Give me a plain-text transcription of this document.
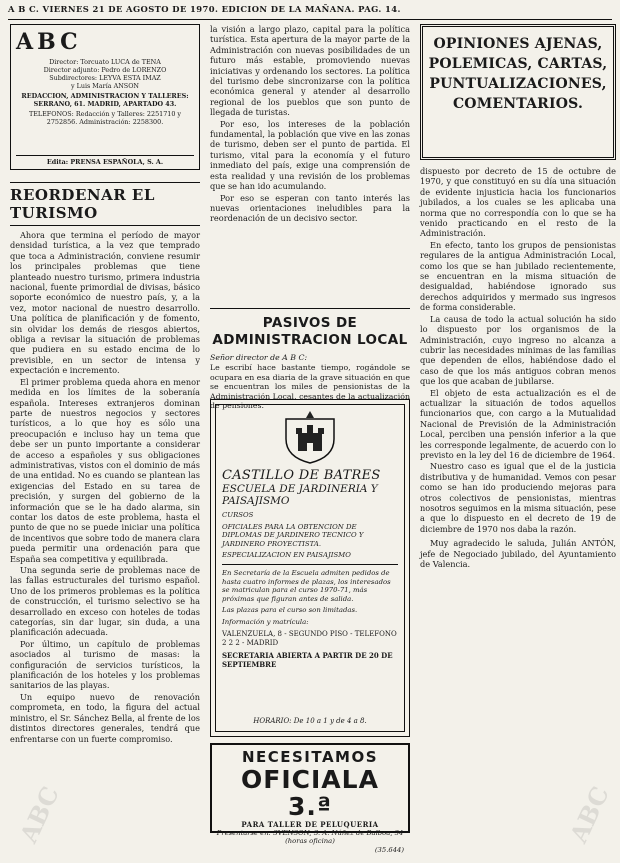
A B C. VIERNES 21 DE AGOSTO DE 1970. EDICION DE LA MAÑANA. PAG. 14.
ABC
Director: Torcuato LUCA de TENA
Director adjunto: Pedro de LORENZO
Subdirectores: LEYVA ESTA IMAZ
y Luis María ANSON
REDACCION, ADMINISTRACION Y TALLERES: SERRANO, 61. MADRID, APARTADO 43.
TELEFONOS: Redacción y Talleres: 2251710 y 2752856. Administración: 2258300.
Edita: PRENSA ESPAÑOLA, S. A.
REORDENAR EL TURISMO

Ahora que termina el período de mayor densidad turística, a la vez que temprado que toca a Administración, conviene resumir los principales problemas que tiene planteado nuestro turismo, primera industria nacional, fuente primordial de divisas, básico soporte económico de nuestro país, y, a la vez, motor nacional de nuestro desarrollo. Una política de planificación y de fomento, sin olvidar los demás de riesgos abiertos, obliga a revisar la situación de problemas que pudiera en su estado encima de lo previsible, en un sector de intensa y expectación e incremento.

El primer problema queda ahora en menor medida en los límites de la soberanía española. Intereses extranjeros dominan parte de nuestros negocios y sectores turísticos, a lo que hoy es sólo una preocupación e incluso hay un tema que debe ser un punto importante a considerar de acceso a españoles y sus obligaciones administrativas, vistos con el dominio de más de una entidad. No es cuando se plantean las exigencias del Estado en su tarea de precisión, y surgen del gobierno de la información que se le ha dado alarma, sin contar los datos de este problema, hasta el punto de que no se puede iniciar una política de incentivos que sobre todo de manera clara pueda permitir una ordenación para que España sea competitiva y equilibrada.

Una segunda serie de problemas nace de las fallas estructurales del turismo español. Uno de los primeros problemas es la política de construcción, el turismo selectivo se ha desarrollado en exceso con hoteles de todas categorías, sin dar lugar, sin duda, a una planificación adecuada.

Por último, un capítulo de problemas asociados al turismo de masas: la configuración de servicios turísticos, la planificación de los hoteles y los problemas sanitarios de las playas.

Un equipo nuevo de renovación comprometa, en todo, la figura del actual ministro, el Sr. Sánchez Bella, al frente de los distintos directores generales, tendrá que enfrentarse con un fuerte compromiso.

la visión a largo plazo, capital para la política turística. Esta apertura de la mayor parte de la Administración con nuevas posibilidades de un futuro más estable, promoviendo nuevas iniciativas y ordenando los sectores. La política del turismo debe sincronizarse con la política económica general y atender al desarrollo regional de los pueblos que son punto de llegada de turistas.

Por eso, los intereses de la población fundamental, la población que vive en las zonas de turismo, deben ser el punto de partida. El turismo, vital para la economía y el futuro inmediato del país, exige una comprensión de esta realidad y una revisión de los problemas que se han ido acumulando.

Por eso se esperan con tanto interés las nuevas orientaciones ineludibles para la reordenación de un decisivo sector.

PASIVOS DE ADMINISTRACION LOCAL
Señor director de A B C:
Le escribí hace bastante tiempo, rogándole se ocupara en esa diaria de la grave situación en que se encuentran los miles de pensionistas de la Administración Local, cesantes de la actualización de pensiones.
CASTILLO DE BATRES
ESCUELA DE JARDINERIA Y PAISAJISMO
CURSOS
OFICIALES PARA LA OBTENCION DE DIPLOMAS DE JARDINERO TECNICO Y JARDINERO PROYECTISTA.
ESPECIALIZACION EN PAISAJISMO
En Secretaría de la Escuela admiten pedidos de hasta cuatro informes de plazas, los interesados se matriculan para el curso 1970-71, más próximas que figuran antes de salida.
Las plazas para el curso son limitadas.
Información y matrícula:
VALENZUELA, 8 - SEGUNDO PISO - TELEFONO 2 2 2 - MADRID
SECRETARIA ABIERTA A PARTIR DE 20 DE SEPTIEMBRE
HORARIO: De 10 a 1 y de 4 a 8.
NECESITAMOS
OFICIALA 3.ª
PARA TALLER DE PELUQUERIA
Presentarse en: SVENSON, S. A. Núñez de Balboa, 34 (horas oficina)
(35.644)
OPINIONES AJENAS,
POLEMICAS, CARTAS,
PUNTUALIZACIONES,
COMENTARIOS.

dispuesto por decreto de 15 de octubre de 1970, y que constituyó en su día una situación de evidente injusticia hacia los funcionarios jubilados, a los cuales se les aplicaba una norma que no correspondía con lo que se ha venido practicando en el resto de la Administración.

En efecto, tanto los grupos de pensionistas regulares de la antigua Administración Local, como los que se han jubilado recientemente, se encuentran en la misma situación de desigualdad, habiéndose ignorado sus derechos adquiridos y mermado sus ingresos de forma considerable.

La causa de todo la actual solución ha sido lo dispuesto por los organismos de la Administración, cuyo ingreso no alcanza a cubrir las necesidades mínimas de las familias que dependen de ellos, habiéndose dado el caso de que los más antiguos cobran menos que los que acaban de jubilarse.

El objeto de esta actualización es el de actualizar la situación de todos aquellos funcionarios que, con cargo a la Mutualidad Nacional de Previsión de la Administración Local, perciben una pensión inferior a la que les corresponde legalmente, de acuerdo con lo previsto en la ley del 16 de diciembre de 1964.

Nuestro caso es igual que el de la justicia distributiva y de humanidad. Vemos con pesar como se han ido produciendo mejoras para otros colectivos de pensionistas, mientras nosotros seguimos en la misma situación, pese a que lo dispuesto en el decreto de 19 de diciembre de 1970 nos daba la razón.

Muy agradecido le saluda, Julián ANTÓN, jefe de Negociado jubilado, del Ayuntamiento de Valencia.

ABC	ABC
